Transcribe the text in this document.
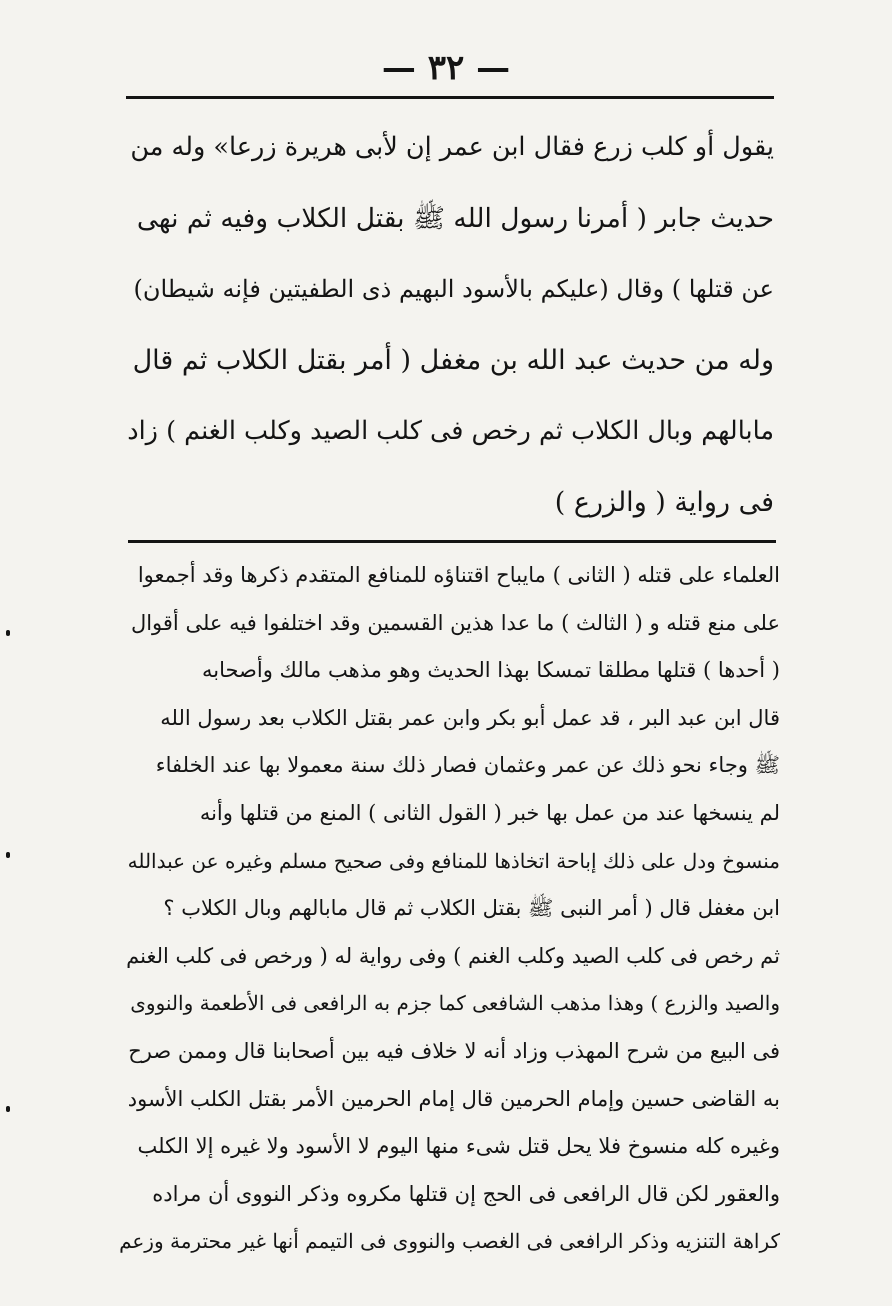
— ٣٢ —
يقول أو كلب زرع فقال ابن عمر إن لأبى هريرة زرعا» وله من
حديث جابر ( أمرنا رسول الله ﷺ بقتل الكلاب وفيه ثم نهى
عن قتلها ) وقال (عليكم بالأسود البهيم ذى الطفيتين فإنه شيطان)
وله من حديث عبد الله بن مغفل ( أمر بقتل الكلاب ثم قال
مابالهم وبال الكلاب ثم رخص فى كلب الصيد وكلب الغنم ) زاد
فى رواية ( والزرع )
العلماء على قتله ( الثانى ) مايباح اقتناؤه للمنافع المتقدم ذكرها وقد أجمعوا
على منع قتله و ( الثالث ) ما عدا هذين القسمين وقد اختلفوا فيه على أقوال
( أحدها ) قتلها مطلقا تمسكا بهذا الحديث وهو مذهب مالك وأصحابه
قال ابن عبد البر ، قد عمل أبو بكر وابن عمر بقتل الكلاب بعد رسول الله
ﷺ وجاء نحو ذلك عن عمر وعثمان فصار ذلك سنة معمولا بها عند الخلفاء
لم ينسخها عند من عمل بها خبر ( القول الثانى ) المنع من قتلها وأنه
منسوخ ودل على ذلك إباحة اتخاذها للمنافع وفى صحيح مسلم وغيره عن عبدالله
ابن مغفل قال ( أمر النبى ﷺ بقتل الكلاب ثم قال مابالهم وبال الكلاب ؟
ثم رخص فى كلب الصيد وكلب الغنم ) وفى رواية له ( ورخص فى كلب الغنم
والصيد والزرع ) وهذا مذهب الشافعى كما جزم به الرافعى فى الأطعمة والنووى
فى البيع من شرح المهذب وزاد أنه لا خلاف فيه بين أصحابنا قال وممن صرح
به القاضى حسين وإمام الحرمين قال إمام الحرمين الأمر بقتل الكلب الأسود
وغيره كله منسوخ فلا يحل قتل شىء منها اليوم لا الأسود ولا غيره إلا الكلب
والعقور لكن قال الرافعى فى الحج إن قتلها مكروه وذكر النووى أن مراده
كراهة التنزيه وذكر الرافعى فى الغصب والنووى فى التيمم أنها غير محترمة وزعم
